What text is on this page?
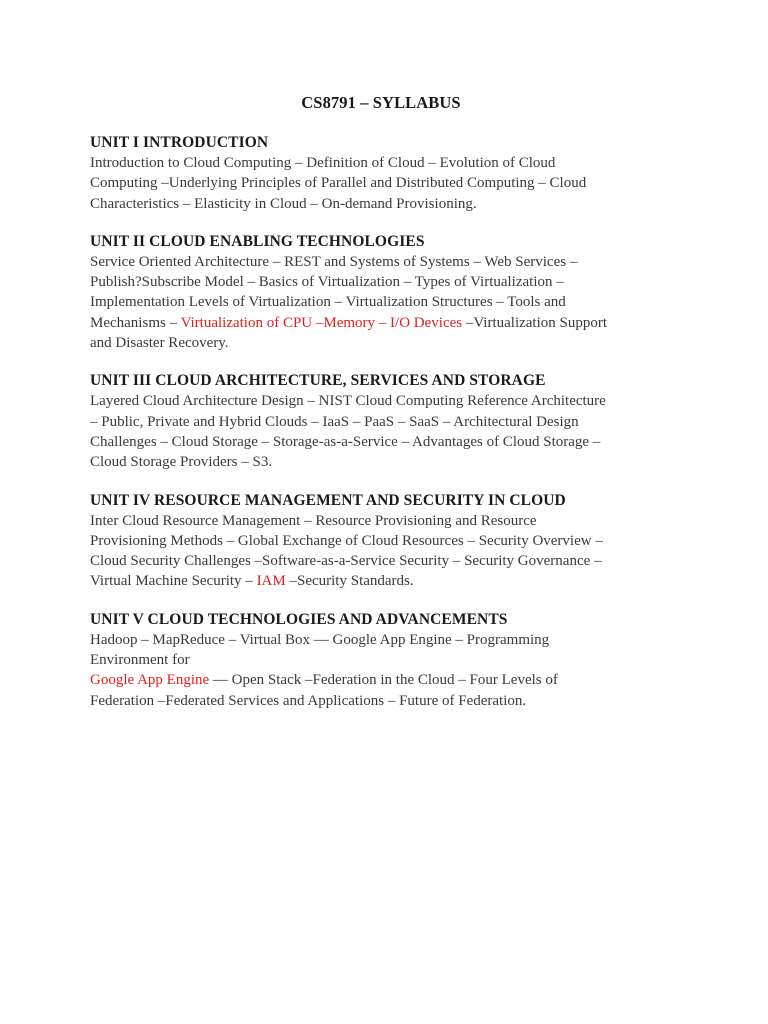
CS8791 – SYLLABUS
UNIT I INTRODUCTION

Introduction to Cloud Computing – Definition of Cloud – Evolution of Cloud
Computing –Underlying Principles of Parallel and Distributed Computing – Cloud
Characteristics – Elasticity in Cloud – On-demand Provisioning.

UNIT II CLOUD ENABLING TECHNOLOGIES

Service Oriented Architecture – REST and Systems of Systems – Web Services –
Publish?Subscribe Model – Basics of Virtualization – Types of Virtualization –
Implementation Levels of Virtualization – Virtualization Structures – Tools and
Mechanisms – Virtualization of CPU –Memory – I/O Devices –Virtualization Support
and Disaster Recovery.

UNIT III CLOUD ARCHITECTURE, SERVICES AND STORAGE

Layered Cloud Architecture Design – NIST Cloud Computing Reference Architecture
– Public, Private and Hybrid Clouds – IaaS – PaaS – SaaS – Architectural Design
Challenges – Cloud Storage – Storage-as-a-Service – Advantages of Cloud Storage –
Cloud Storage Providers – S3.

UNIT IV RESOURCE MANAGEMENT AND SECURITY IN CLOUD

Inter Cloud Resource Management – Resource Provisioning and Resource
Provisioning Methods – Global Exchange of Cloud Resources – Security Overview –
Cloud Security Challenges –Software-as-a-Service Security – Security Governance –
Virtual Machine Security – IAM –Security Standards.

UNIT V CLOUD TECHNOLOGIES AND ADVANCEMENTS

Hadoop – MapReduce – Virtual Box –– Google App Engine – Programming
Environment for
Google App Engine –– Open Stack –Federation in the Cloud – Four Levels of
Federation –Federated Services and Applications – Future of Federation.
